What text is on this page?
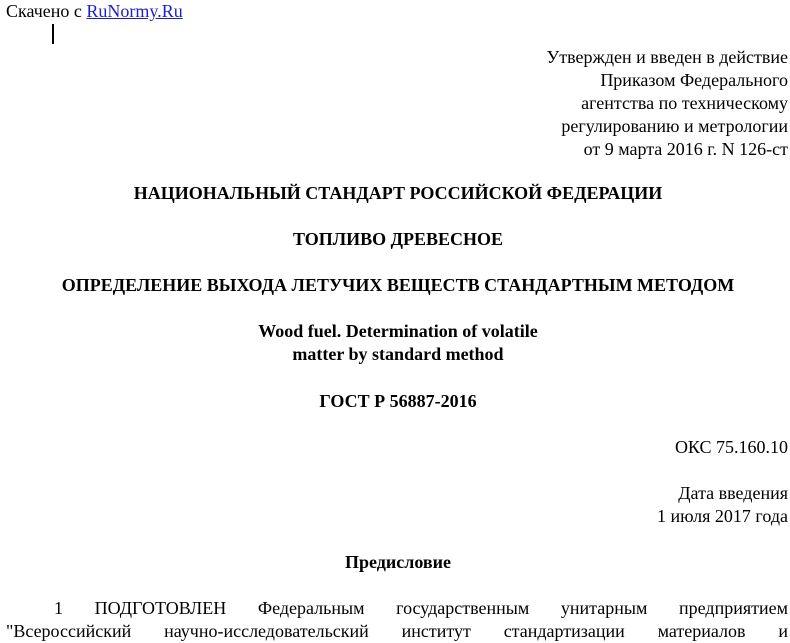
Скачено с RuNormy.Ru
Утвержден и введен в действие
Приказом Федерального
агентства по техническому
регулированию и метрологии
от 9 марта 2016 г. N 126-ст
НАЦИОНАЛЬНЫЙ СТАНДАРТ РОССИЙСКОЙ ФЕДЕРАЦИИ
ТОПЛИВО ДРЕВЕСНОЕ
ОПРЕДЕЛЕНИЕ ВЫХОДА ЛЕТУЧИХ ВЕЩЕСТВ СТАНДАРТНЫМ МЕТОДОМ
Wood fuel. Determination of volatile
matter by standard method
ГОСТ Р 56887-2016
ОКС 75.160.10
Дата введения
1 июля 2017 года
Предисловие
1 ПОДГОТОВЛЕН Федеральным государственным унитарным предприятием
"Всероссийский научно-исследовательский институт стандартизации материалов и
